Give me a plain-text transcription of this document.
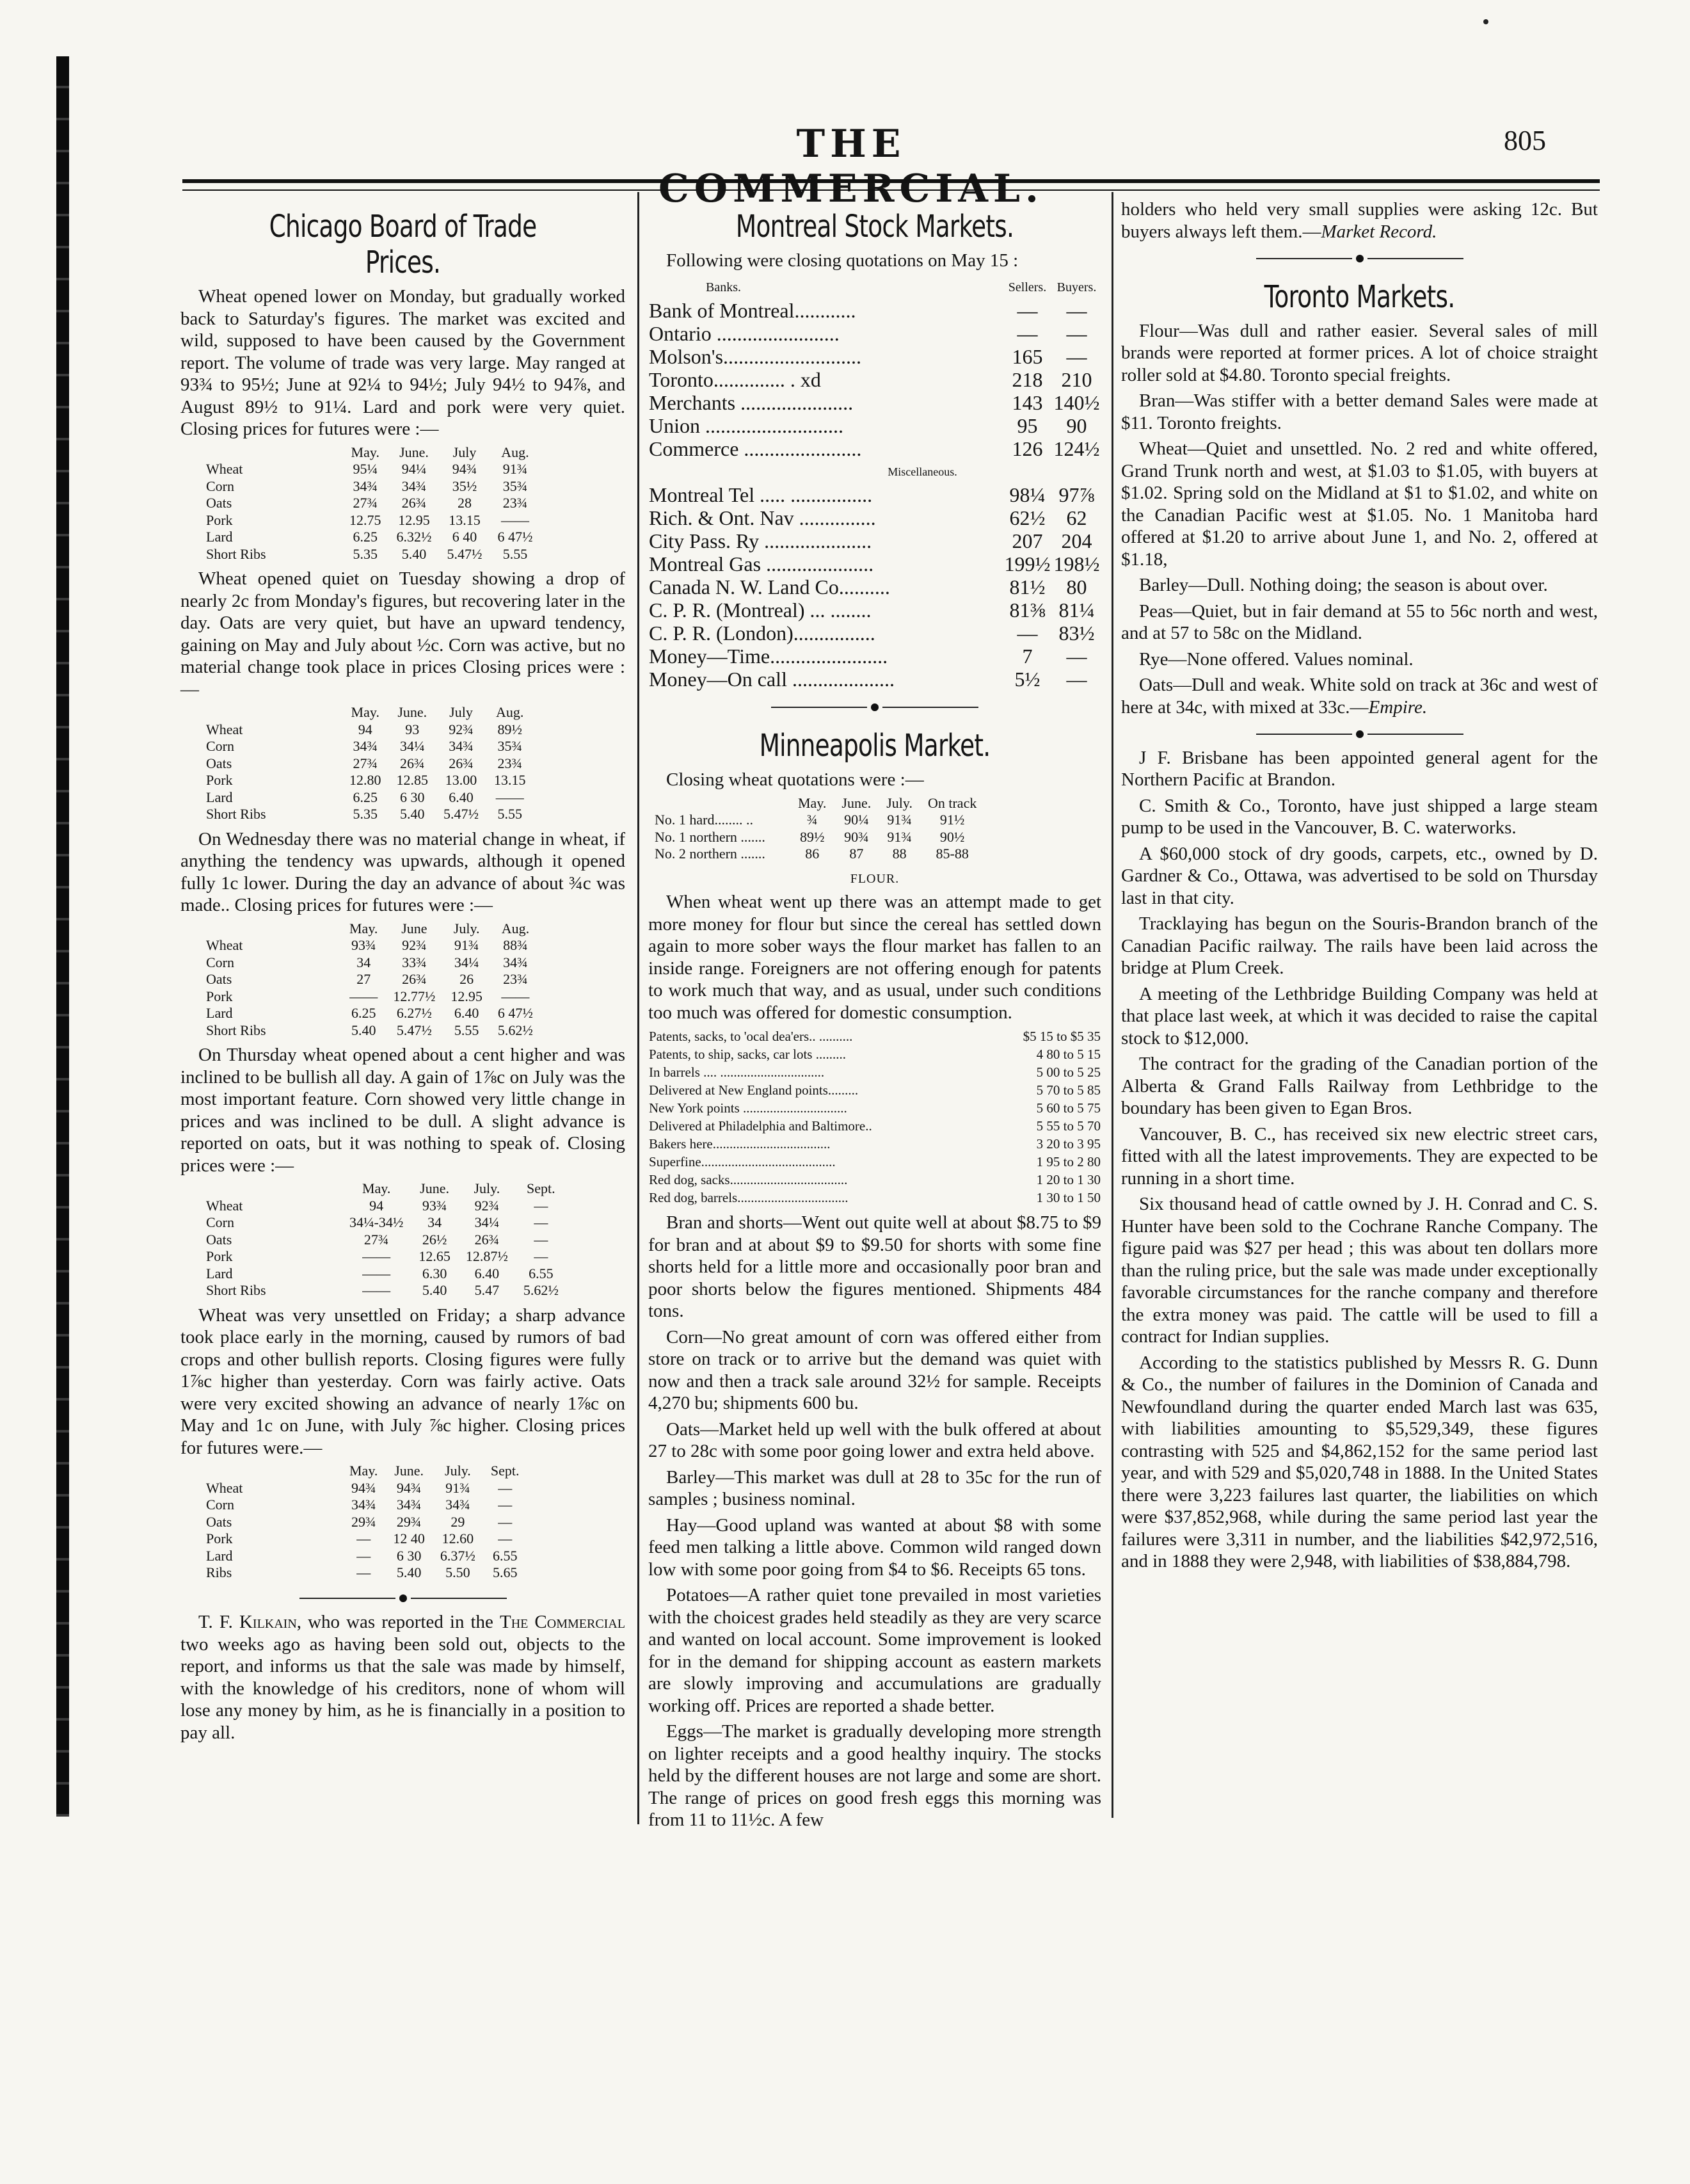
THE COMMERCIAL.
805
Chicago Board of Trade Prices.

Wheat opened lower on Monday, but gradually worked back to Saturday's figures. The market was excited and wild, supposed to have been caused by the Government report. The volume of trade was very large. May ranged at 93¾ to 95½; June at 92¼ to 94½; July 94½ to 94⅞, and August 89½ to 91¼. Lard and pork were very quiet. Closing prices for futures were :—

	May.	June.	July	Aug.
Wheat	95¼	94¼	94¾	91¾
Corn	34¾	34¾	35½	35¾
Oats	27¾	26¾	28	23¾
Pork	12.75	12.95	13.15	——
Lard	6.25	6.32½	6 40	6 47½
Short Ribs	5.35	5.40	5.47½	5.55

Wheat opened quiet on Tuesday showing a drop of nearly 2c from Monday's figures, but recovering later in the day. Oats are very quiet, but have an upward tendency, gaining on May and July about ½c. Corn was active, but no material change took place in prices Closing prices were :—

	May.	June.	July	Aug.
Wheat	94	93	92¾	89½
Corn	34¾	34¼	34¾	35¾
Oats	27¾	26¾	26¾	23¾
Pork	12.80	12.85	13.00	13.15
Lard	6.25	6 30	6.40	——
Short Ribs	5.35	5.40	5.47½	5.55

On Wednesday there was no material change in wheat, if anything the tendency was upwards, although it opened fully 1c lower. During the day an advance of about ¾c was made.. Closing prices for futures were :—

	May.	June	July.	Aug.
Wheat	93¾	92¾	91¾	88¾
Corn	34	33¾	34¼	34¾
Oats	27	26¾	26	23¾
Pork	——	12.77½	12.95	——
Lard	6.25	6.27½	6.40	6 47½
Short Ribs	5.40	5.47½	5.55	5.62½

On Thursday wheat opened about a cent higher and was inclined to be bullish all day. A gain of 1⅞c on July was the most important feature. Corn showed very little change in prices and was inclined to be dull. A slight advance is reported on oats, but it was nothing to speak of. Closing prices were :—

	May.	June.	July.	Sept.
Wheat	94	93¾	92¾	—
Corn	34¼-34½	34	34¼	—
Oats	27¾	26½	26¾	—
Pork	——	12.65	12.87½	—
Lard	——	6.30	6.40	6.55
Short Ribs	——	5.40	5.47	5.62½

Wheat was very unsettled on Friday; a sharp advance took place early in the morning, caused by rumors of bad crops and other bullish reports. Closing figures were fully 1⅞c higher than yesterday. Corn was fairly active. Oats were very excited showing an advance of nearly 1⅞c on May and 1c on June, with July ⅞c higher. Closing prices for futures were.—

	May.	June.	July.	Sept.
Wheat	94¾	94¾	91¾	—
Corn	34¾	34¾	34¾	—
Oats	29¾	29¾	29	—
Pork	—	12 40	12.60	—
Lard	—	6 30	6.37½	6.55
Ribs	—	5.40	5.50	5.65

T. F. Kilkain, who was reported in the The Commercial two weeks ago as having been sold out, objects to the report, and informs us that the sale was made by himself, with the knowledge of his creditors, none of whom will lose any money by him, as he is financially in a position to pay all.

Montreal Stock Markets.

Following were closing quotations on May 15 :

Banks.	Sellers.	Buyers.
Bank of Montreal............	—	—
Ontario ........................	—	—
Molson's...........................	165	—
Toronto.............. . xd	218	210
Merchants ......................	143	140½
Union ...........................	95	90
Commerce .......................	126	124½
Miscellaneous.		
Montreal Tel ..... ................	98¼	97⅞
Rich. & Ont. Nav ...............	62½	62
City Pass. Ry .....................	207	204
Montreal Gas .....................	199½	198½
Canada N. W. Land Co..........	81½	80
C. P. R. (Montreal) ... ........	81⅜	81¼
C. P. R. (London)................	—	83½
Money—Time.......................	7	—
Money—On call ....................	5½	—
Minneapolis Market.

Closing wheat quotations were :—

	May.	June.	July.	On track
No. 1 hard........ ..	¾	90¼	91¾	91½
No. 1 northern .......	89½	90¾	91¾	90½
No. 2 northern .......	86	87	88	85-88
FLOUR.

When wheat went up there was an attempt made to get more money for flour but since the cereal has settled down again to more sober ways the flour market has fallen to an inside range. Foreigners are not offering enough for patents to work much that way, and as usual, under such conditions too much was offered for domestic consumption.

Patents, sacks, to 'ocal dea'ers.. ..........	$5 15 to $5 35
Patents, to ship, sacks, car lots .........	4 80 to 5 15
In barrels .... ...............................	5 00 to 5 25
Delivered at New England points.........	5 70 to 5 85
New York points ...............................	5 60 to 5 75
Delivered at Philadelphia and Baltimore..	5 55 to 5 70
Bakers here...................................	3 20 to 3 95
Superfine........................................	1 95 to 2 80
Red dog, sacks...................................	1 20 to 1 30
Red dog, barrels.................................	1 30 to 1 50

Bran and shorts—Went out quite well at about $8.75 to $9 for bran and at about $9 to $9.50 for shorts with some fine shorts held for a little more and occasionally poor bran and poor shorts below the figures mentioned. Shipments 484 tons.

Corn—No great amount of corn was offered either from store on track or to arrive but the demand was quiet with now and then a track sale around 32½ for sample. Receipts 4,270 bu; shipments 600 bu.

Oats—Market held up well with the bulk offered at about 27 to 28c with some poor going lower and extra held above.

Barley—This market was dull at 28 to 35c for the run of samples ; business nominal.

Hay—Good upland was wanted at about $8 with some feed men talking a little above. Common wild ranged down low with some poor going from $4 to $6. Receipts 65 tons.

Potatoes—A rather quiet tone prevailed in most varieties with the choicest grades held steadily as they are very scarce and wanted on local account. Some improvement is looked for in the demand for shipping account as eastern markets are slowly improving and accumulations are gradually working off. Prices are reported a shade better.

Eggs—The market is gradually developing more strength on lighter receipts and a good healthy inquiry. The stocks held by the different houses are not large and some are short. The range of prices on good fresh eggs this morning was from 11 to 11½c. A few

holders who held very small supplies were asking 12c. But buyers always left them.—Market Record.

Toronto Markets.

Flour—Was dull and rather easier. Several sales of mill brands were reported at former prices. A lot of choice straight roller sold at $4.80. Toronto special freights.

Bran—Was stiffer with a better demand Sales were made at $11. Toronto freights.

Wheat—Quiet and unsettled. No. 2 red and white offered, Grand Trunk north and west, at $1.03 to $1.05, with buyers at $1.02. Spring sold on the Midland at $1 to $1.02, and white on the Canadian Pacific west at $1.05. No. 1 Manitoba hard offered at $1.20 to arrive about June 1, and No. 2, offered at $1.18,

Barley—Dull. Nothing doing; the season is about over.

Peas—Quiet, but in fair demand at 55 to 56c north and west, and at 57 to 58c on the Midland.

Rye—None offered. Values nominal.

Oats—Dull and weak. White sold on track at 36c and west of here at 34c, with mixed at 33c.—Empire.

J F. Brisbane has been appointed general agent for the Northern Pacific at Brandon.

C. Smith & Co., Toronto, have just shipped a large steam pump to be used in the Vancouver, B. C. waterworks.

A $60,000 stock of dry goods, carpets, etc., owned by D. Gardner & Co., Ottawa, was advertised to be sold on Thursday last in that city.

Tracklaying has begun on the Souris-Brandon branch of the Canadian Pacific railway. The rails have been laid across the bridge at Plum Creek.

A meeting of the Lethbridge Building Company was held at that place last week, at which it was decided to raise the capital stock to $12,000.

The contract for the grading of the Canadian portion of the Alberta & Grand Falls Railway from Lethbridge to the boundary has been given to Egan Bros.

Vancouver, B. C., has received six new electric street cars, fitted with all the latest improvements. They are expected to be running in a short time.

Six thousand head of cattle owned by J. H. Conrad and C. S. Hunter have been sold to the Cochrane Ranche Company. The figure paid was $27 per head ; this was about ten dollars more than the ruling price, but the sale was made under exceptionally favorable circumstances for the ranche company and therefore the extra money was paid. The cattle will be used to fill a contract for Indian supplies.

According to the statistics published by Messrs R. G. Dunn & Co., the number of failures in the Dominion of Canada and Newfoundland during the quarter ended March last was 635, with liabilities amounting to $5,529,349, these figures contrasting with 525 and $4,862,152 for the same period last year, and with 529 and $5,020,748 in 1888. In the United States there were 3,223 failures last quarter, the liabilities on which were $37,852,968, while during the same period last year the failures were 3,311 in number, and the liabilities $42,972,516, and in 1888 they were 2,948, with liabilities of $38,884,798.
